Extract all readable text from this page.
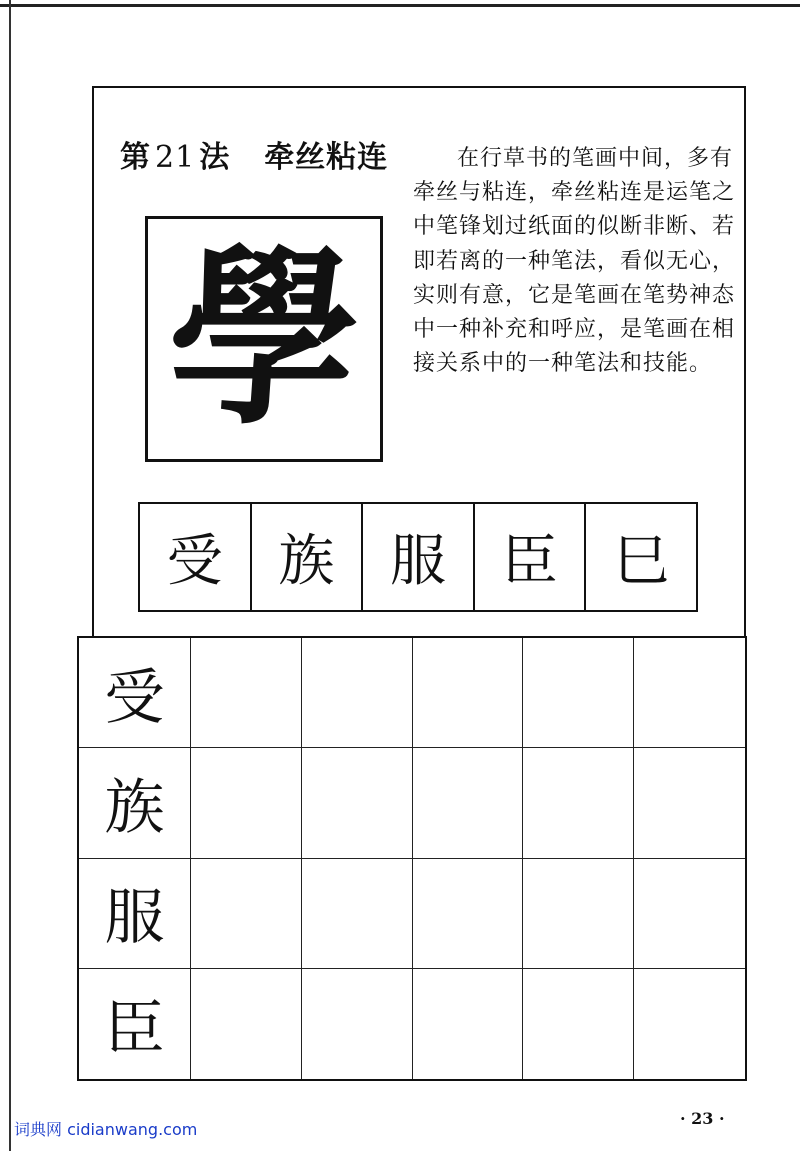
第 21 法 牵丝粘连	在行草书的笔画中间，多有牵丝与粘连，牵丝粘连是运笔之中笔锋划过纸面的似断非断、若即若离的一种笔法，看似无心，实则有意，它是笔画在笔势神态中一种补充和呼应，是笔画在相接关系中的一种笔法和技能。
學
受 族 服 臣 巳
受
族
服
臣
词典网 cidianwang.com
· 23 ·
